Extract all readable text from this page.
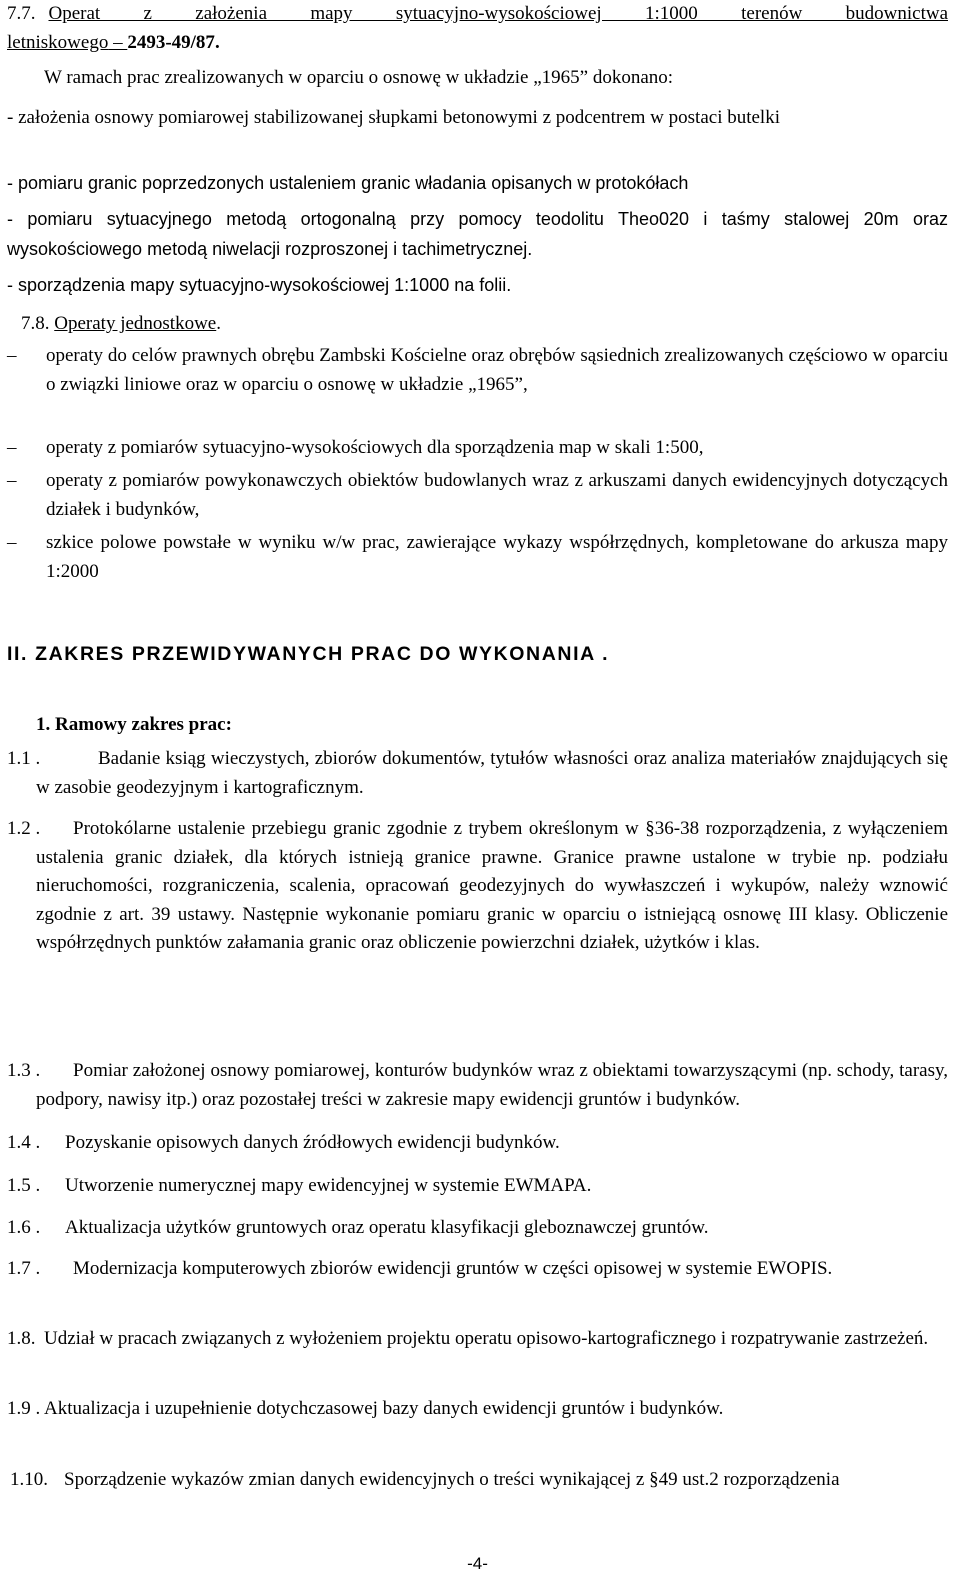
7.7. Operat z założenia mapy sytuacyjno-wysokościowej 1:1000 terenów budownictwa
letniskowego – 2493-49/87.
W ramach prac zrealizowanych w oparciu o osnowę w układzie „1965” dokonano:
- założenia osnowy pomiarowej stabilizowanej słupkami betonowymi z podcentrem w postaci butelki
- pomiaru granic poprzedzonych ustaleniem granic władania opisanych w protokółach
- pomiaru sytuacyjnego metodą ortogonalną przy pomocy teodolitu Theo020 i taśmy stalowej 20m oraz wysokościowego metodą niwelacji rozproszonej i tachimetrycznej.
- sporządzenia mapy sytuacyjno-wysokościowej 1:1000 na folii.
7.8. Operaty jednostkowe.
–	operaty do celów prawnych obrębu Zambski Kościelne oraz obrębów sąsiednich zrealizowanych częściowo w oparciu o związki liniowe oraz w oparciu o osnowę w układzie „1965”,
–	operaty z pomiarów sytuacyjno-wysokościowych dla sporządzenia map w skali 1:500,
–	operaty z pomiarów powykonawczych obiektów budowlanych wraz z arkuszami danych ewidencyjnych dotyczących działek i budynków,
–	szkice polowe powstałe w wyniku w/w prac, zawierające wykazy współrzędnych, kompletowane do arkusza mapy 1:2000
II. ZAKRES PRZEWIDYWANYCH PRAC DO WYKONANIA .
1. Ramowy zakres prac:
1.1 .	Badanie ksiąg wieczystych, zbiorów dokumentów, tytułów własności oraz analiza materiałów znajdujących się w zasobie geodezyjnym i kartograficznym.
1.2 .	Protokólarne ustalenie przebiegu granic zgodnie z trybem określonym w §36-38 rozporządzenia, z wyłączeniem ustalenia granic działek, dla których istnieją granice prawne. Granice prawne ustalone w trybie np. podziału nieruchomości, rozgraniczenia, scalenia, opracowań geodezyjnych do wywłaszczeń i wykupów, należy wznowić zgodnie z art. 39 ustawy. Następnie wykonanie pomiaru granic w oparciu o istniejącą osnowę III klasy. Obliczenie współrzędnych punktów załamania granic oraz obliczenie powierzchni działek, użytków i klas.
1.3 .	Pomiar założonej osnowy pomiarowej, konturów budynków wraz z obiektami towarzyszącymi (np. schody, tarasy, podpory, nawisy itp.) oraz pozostałej treści w zakresie mapy ewidencji gruntów i budynków.
1.4 . Pozyskanie opisowych danych źródłowych ewidencji budynków.
1.5 . Utworzenie numerycznej mapy ewidencyjnej w systemie EWMAPA.
1.6 . Aktualizacja użytków gruntowych oraz operatu klasyfikacji gleboznawczej gruntów.
1.7 .	Modernizacja komputerowych zbiorów ewidencji gruntów w części opisowej w systemie EWOPIS.
1.8. Udział w pracach związanych z wyłożeniem projektu operatu opisowo-kartograficznego i rozpatrywanie zastrzeżeń.
1.9 . Aktualizacja i uzupełnienie dotychczasowej bazy danych ewidencji gruntów i budynków.
1.10. Sporządzenie wykazów zmian danych ewidencyjnych o treści wynikającej z §49 ust.2 rozporządzenia
-4-
